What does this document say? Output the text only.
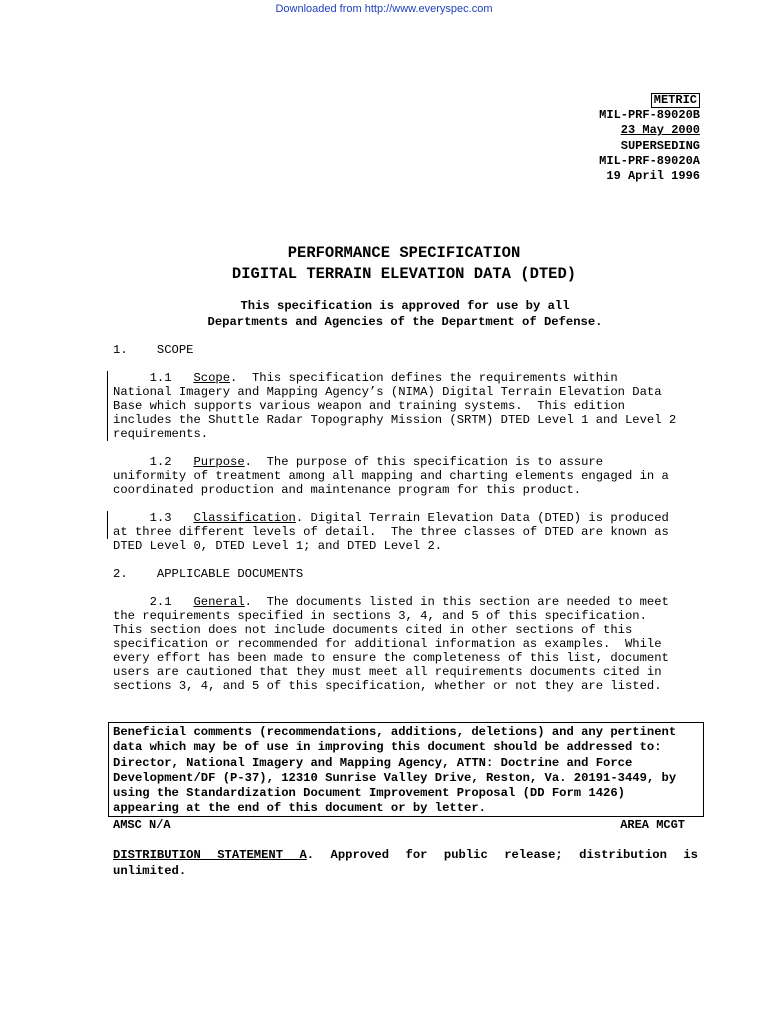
Downloaded from http://www.everyspec.com
METRIC
MIL-PRF-89020B
23 May 2000
SUPERSEDING
MIL-PRF-89020A
19 April 1996
PERFORMANCE SPECIFICATION
DIGITAL TERRAIN ELEVATION DATA (DTED)
This specification is approved for use by all
Departments and Agencies of the Department of Defense.
1.    SCOPE
1.1   Scope.  This specification defines the requirements within
National Imagery and Mapping Agency’s (NIMA) Digital Terrain Elevation Data
Base which supports various weapon and training systems.  This edition
includes the Shuttle Radar Topography Mission (SRTM) DTED Level 1 and Level 2
requirements.
1.2   Purpose.  The purpose of this specification is to assure
uniformity of treatment among all mapping and charting elements engaged in a
coordinated production and maintenance program for this product.
1.3   Classification. Digital Terrain Elevation Data (DTED) is produced
at three different levels of detail.  The three classes of DTED are known as
DTED Level 0, DTED Level 1; and DTED Level 2.
2.    APPLICABLE DOCUMENTS
2.1   General.  The documents listed in this section are needed to meet
the requirements specified in sections 3, 4, and 5 of this specification.
This section does not include documents cited in other sections of this
specification or recommended for additional information as examples.  While
every effort has been made to ensure the completeness of this list, document
users are cautioned that they must meet all requirements documents cited in
sections 3, 4, and 5 of this specification, whether or not they are listed.
Beneficial comments (recommendations, additions, deletions) and any pertinent
data which may be of use in improving this document should be addressed to:
Director, National Imagery and Mapping Agency, ATTN: Doctrine and Force
Development/DF (P-37), 12310 Sunrise Valley Drive, Reston, Va. 20191-3449, by
using the Standardization Document Improvement Proposal (DD Form 1426)
appearing at the end of this document or by letter.
AMSC N/A	AREA MCGT
DISTRIBUTION STATEMENT A. Approved for public release; distribution is unlimited.
